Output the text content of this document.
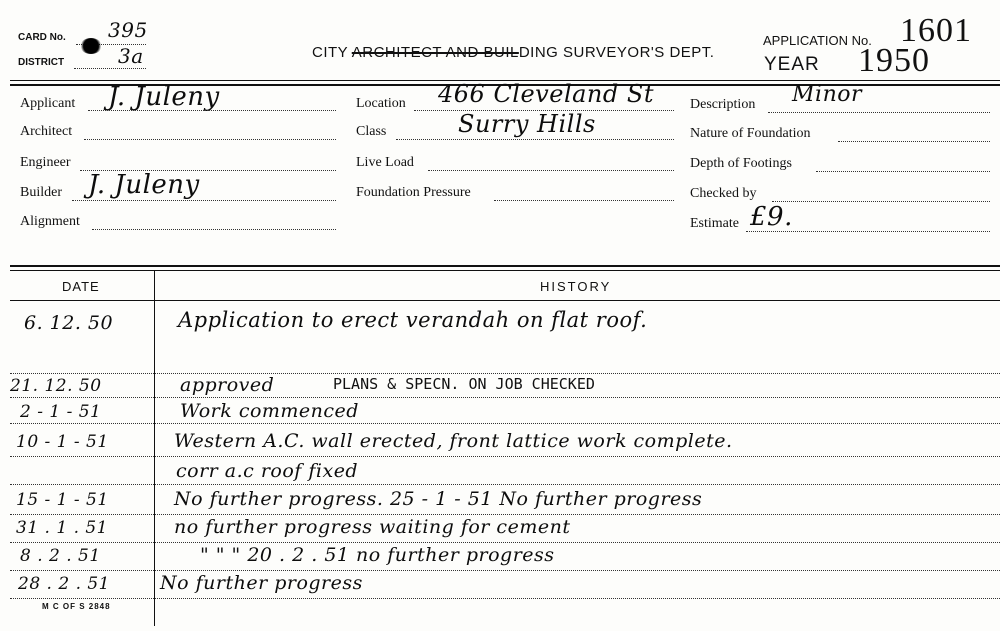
CARD No. 395
DISTRICT	3a	CITY ARCHITECT AND BUILDING SURVEYOR'S DEPT.
APPLICATION No. 1601
YEAR 1950
Applicant J. Juleny
Architect
Engineer
Builder J. Juleny
Alignment
Location 466 Cleveland St
Class	Surry Hills
Live Load
Foundation Pressure
Description Minor
Nature of Foundation
Depth of Footings
Checked by
Estimate £9.
DATE	HISTORY
6. 12. 50	Application to erect verandah on flat roof.
21. 12. 50	approved	PLANS & SPECN. ON JOB CHECKED
2 - 1 - 51	Work commenced
10 - 1 - 51	Western A.C. wall erected, front lattice work complete.
corr a.c roof fixed
15 - 1 - 51	No further progress. 25 - 1 - 51 No further progress
31 . 1 . 51	no further progress waiting for cement
8 . 2 . 51	" " " 20 . 2 . 51 no further progress
28 . 2 . 51	No further progress
M C OF S 2848
